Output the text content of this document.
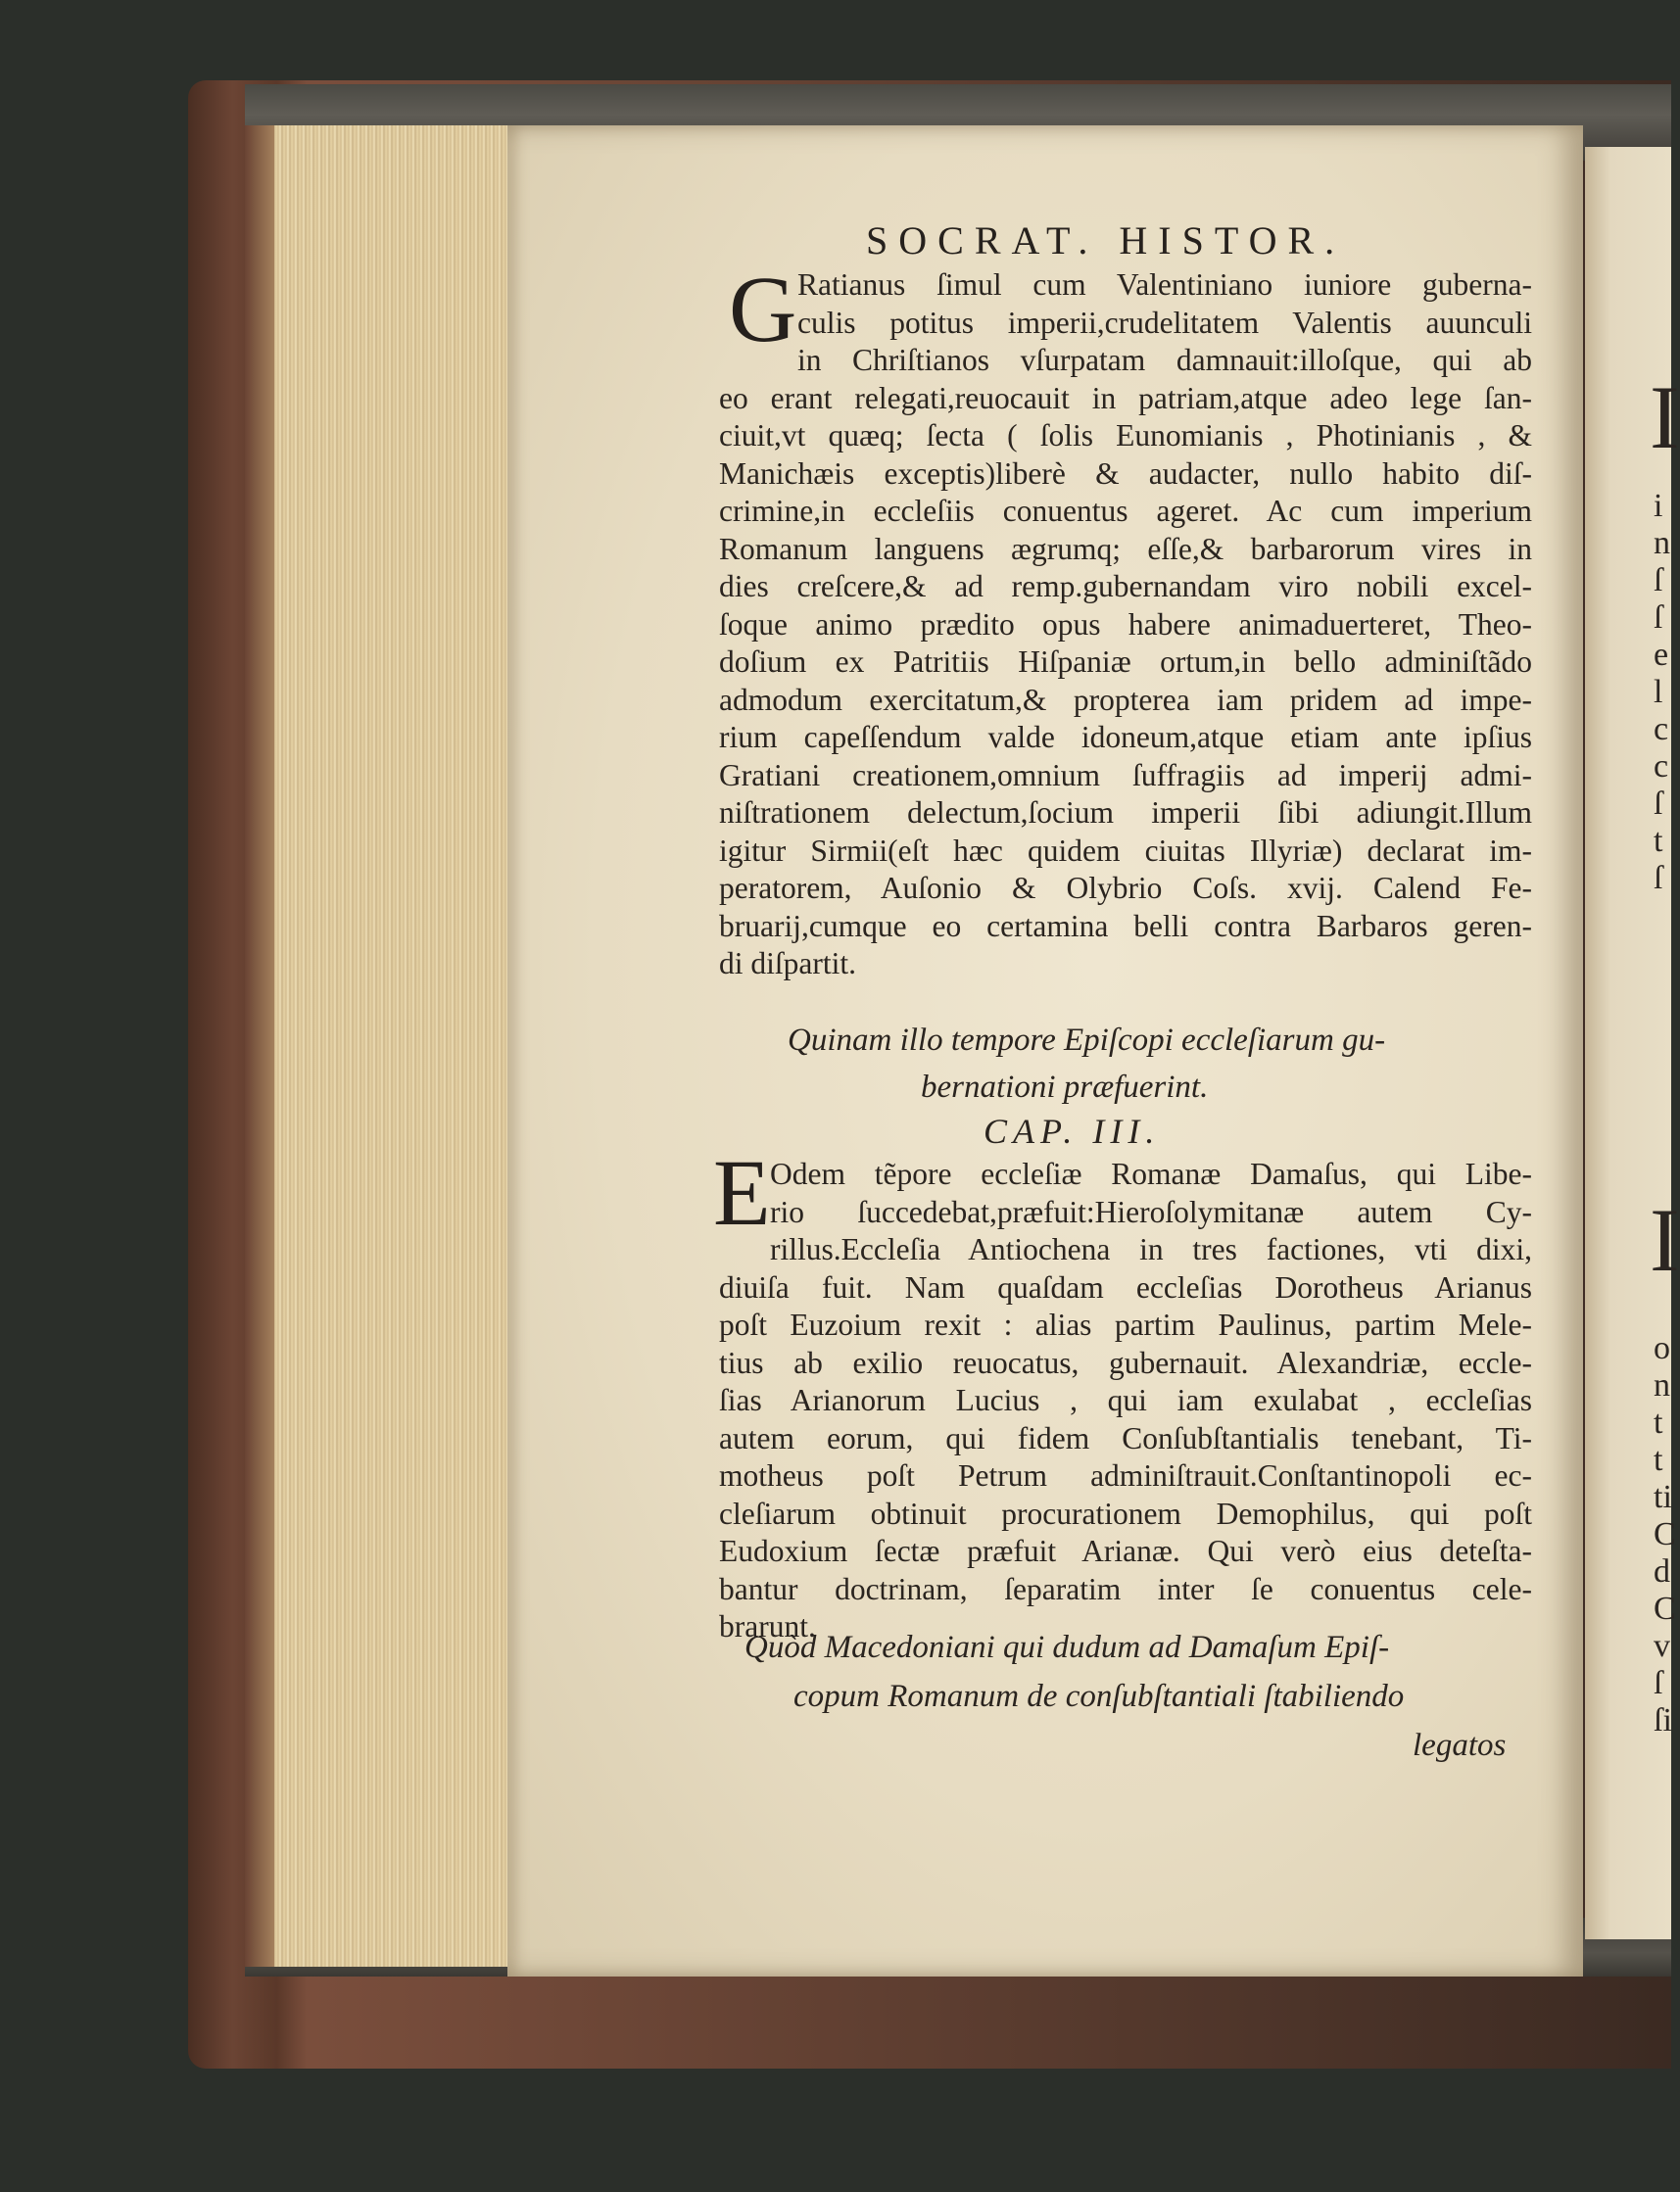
I
i
n
ſ
ſ
e
l
c
c
ſ
t
ſ
I
o
n
t
t
ti
C
d
C
v
ſ
ſi
SOCRAT. HISTOR.
G Ratianus ſimul cum Valentiniano iuniore guberna-
culis potitus imperii,crudelitatem Valentis auunculi
in Chriſtianos vſurpatam damnauit:illoſque, qui ab
eo erant relegati,reuocauit in patriam,atque adeo lege ſan-
ciuit,vt quæq; ſecta ( ſolis Eunomianis , Photinianis , &
Manichæis exceptis)liberè & audacter, nullo habito diſ-
crimine,in eccleſiis conuentus ageret. Ac cum imperium
Romanum languens ægrumq; eſſe,& barbarorum vires in
dies creſcere,& ad remp.gubernandam viro nobili excel-
ſoque animo prædito opus habere animaduerteret, Theo-
doſium ex Patritiis Hiſpaniæ ortum,in bello adminiſtãdo
admodum exercitatum,& propterea iam pridem ad impe-
rium capeſſendum valde idoneum,atque etiam ante ipſius
Gratiani creationem,omnium ſuffragiis ad imperij admi-
niſtrationem delectum,ſocium imperii ſibi adiungit.Illum
igitur Sirmii(eſt hæc quidem ciuitas Illyriæ) declarat im-
peratorem, Auſonio & Olybrio Coſs. xvij. Calend Fe-
bruarij,cumque eo certamina belli contra Barbaros geren-
di diſpartit.
Quinam illo tempore Epiſcopi eccleſiarum gu-
bernationi præfuerint.
CAP. III.
E Odem tẽpore eccleſiæ Romanæ Damaſus, qui Libe-
rio ſuccedebat,præfuit:Hieroſolymitanæ autem Cy-
rillus.Eccleſia Antiochena in tres factiones, vti dixi,
diuiſa fuit. Nam quaſdam eccleſias Dorotheus Arianus
poſt Euzoium rexit : alias partim Paulinus, partim Mele-
tius ab exilio reuocatus, gubernauit. Alexandriæ, eccle-
ſias Arianorum Lucius , qui iam exulabat , eccleſias
autem eorum, qui fidem Conſubſtantialis tenebant, Ti-
motheus poſt Petrum adminiſtrauit.Conſtantinopoli ec-
cleſiarum obtinuit procurationem Demophilus, qui poſt
Eudoxium ſectæ præfuit Arianæ. Qui verò eius deteſta-
bantur doctrinam, ſeparatim inter ſe conuentus cele-
brarunt.
Quòd Macedoniani qui dudum ad Damaſum Epiſ-
copum Romanum de conſubſtantiali ſtabiliendo
legatos
